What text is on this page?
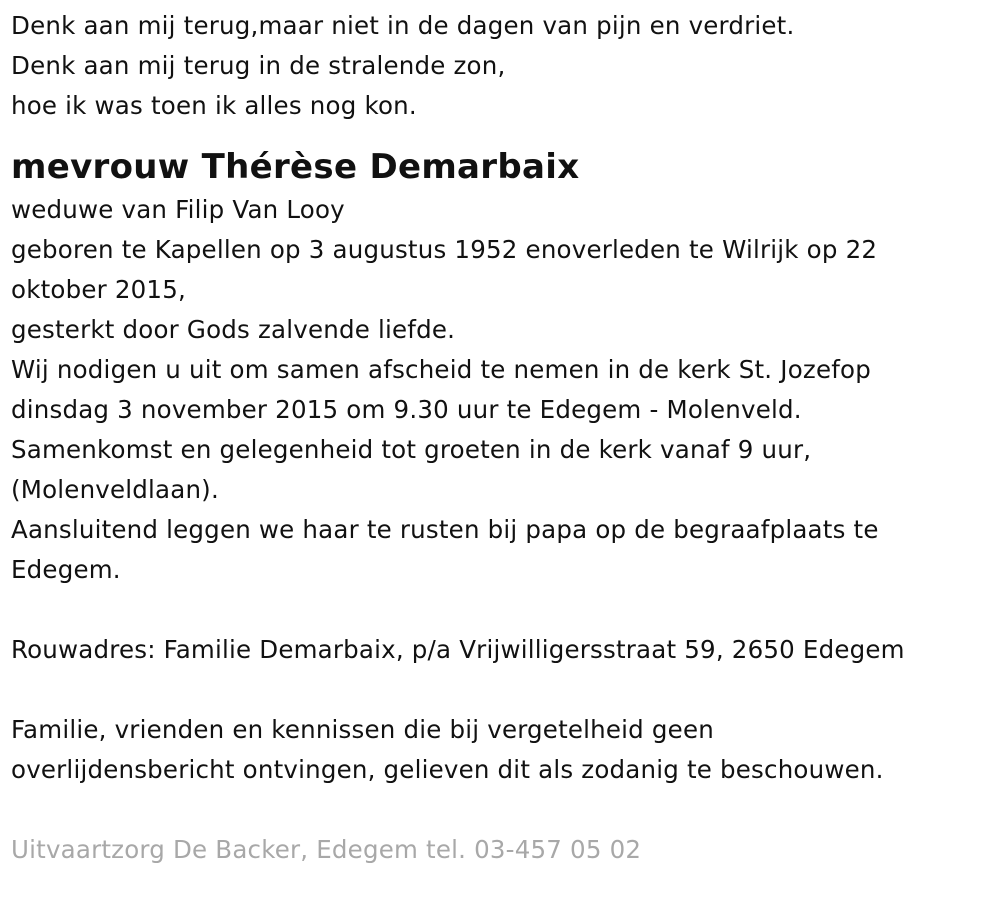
Denk aan mij terug,maar niet in de dagen van pijn en verdriet.
Denk aan mij terug in de stralende zon,
hoe ik was toen ik alles nog kon.
mevrouw Thérèse Demarbaix
weduwe van Filip Van Looy
geboren te Kapellen op 3 augustus 1952 enoverleden te Wilrijk op 22
oktober 2015,
gesterkt door Gods zalvende liefde.
Wij nodigen u uit om samen afscheid te nemen in de kerk St. Jozefop
dinsdag 3 november 2015 om 9.30 uur te Edegem - Molenveld.
Samenkomst en gelegenheid tot groeten in de kerk vanaf 9 uur,
(Molenveldlaan).
Aansluitend leggen we haar te rusten bij papa op de begraafplaats te
Edegem.
Rouwadres: Familie Demarbaix, p/a Vrijwilligersstraat 59, 2650 Edegem
Familie, vrienden en kennissen die bij vergetelheid geen
overlijdensbericht ontvingen, gelieven dit als zodanig te beschouwen.
Uitvaartzorg De Backer, Edegem tel. 03-457 05 02
